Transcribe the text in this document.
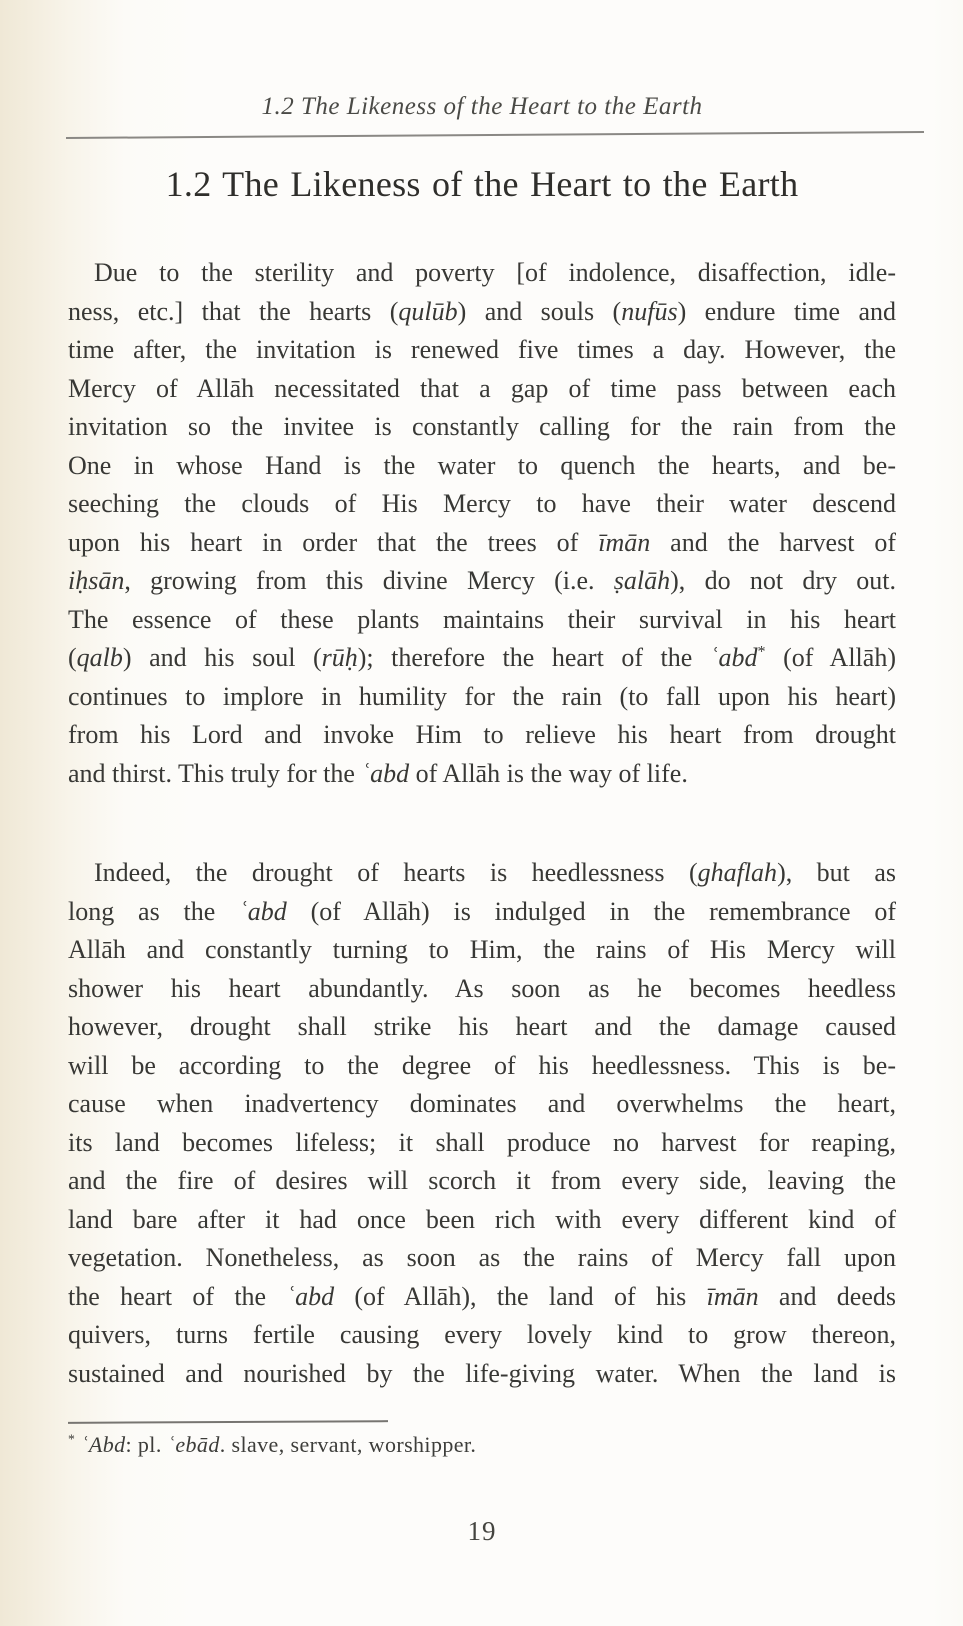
1.2 The Likeness of the Heart to the Earth
1.2 The Likeness of the Heart to the Earth
Due to the sterility and poverty [of indolence, disaffection, idle-
ness, etc.] that the hearts (qulūb) and souls (nufūs) endure time and
time after, the invitation is renewed five times a day. However, the
Mercy of Allāh necessitated that a gap of time pass between each
invitation so the invitee is constantly calling for the rain from the
One in whose Hand is the water to quench the hearts, and be-
seeching the clouds of His Mercy to have their water descend
upon his heart in order that the trees of īmān and the harvest of
iḥsān, growing from this divine Mercy (i.e. ṣalāh), do not dry out.
The essence of these plants maintains their survival in his heart
(qalb) and his soul (rūḥ); therefore the heart of the ʿabd* (of Allāh)
continues to implore in humility for the rain (to fall upon his heart)
from his Lord and invoke Him to relieve his heart from drought
and thirst. This truly for the ʿabd of Allāh is the way of life.
Indeed, the drought of hearts is heedlessness (ghaflah), but as
long as the ʿabd (of Allāh) is indulged in the remembrance of
Allāh and constantly turning to Him, the rains of His Mercy will
shower his heart abundantly. As soon as he becomes heedless
however, drought shall strike his heart and the damage caused
will be according to the degree of his heedlessness. This is be-
cause when inadvertency dominates and overwhelms the heart,
its land becomes lifeless; it shall produce no harvest for reaping,
and the fire of desires will scorch it from every side, leaving the
land bare after it had once been rich with every different kind of
vegetation. Nonetheless, as soon as the rains of Mercy fall upon
the heart of the ʿabd (of Allāh), the land of his īmān and deeds
quivers, turns fertile causing every lovely kind to grow thereon,
sustained and nourished by the life-giving water. When the land is
* ʿAbd: pl. ʿebād. slave, servant, worshipper.
19
